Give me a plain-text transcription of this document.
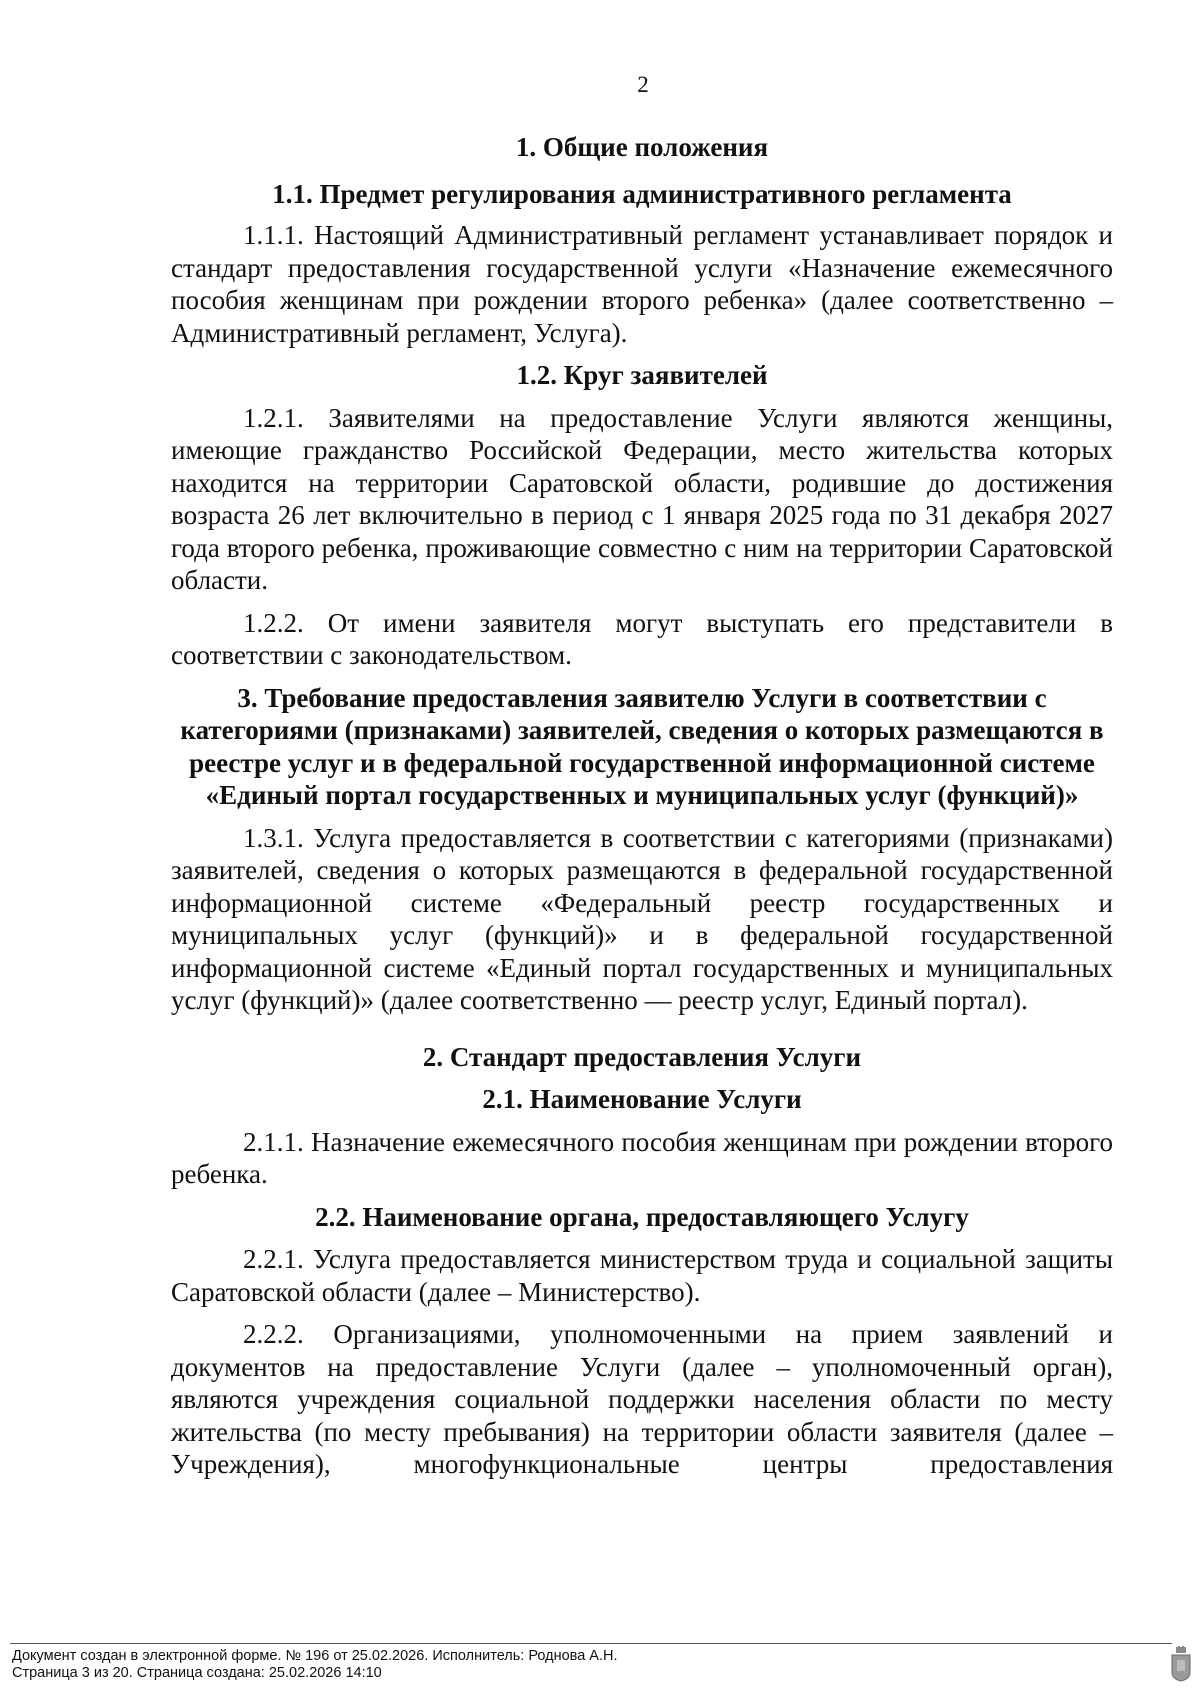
2
1. Общие положения
1.1. Предмет регулирования административного регламента

1.1.1. Настоящий Административный регламент устанавливает порядок и стандарт предоставления государственной услуги «Назначение ежемесячного пособия женщинам при рождении второго ребенка» (далее соответственно – Административный регламент, Услуга).

1.2. Круг заявителей

1.2.1. Заявителями на предоставление Услуги являются женщины, имеющие гражданство Российской Федерации, место жительства которых находится на территории Саратовской области, родившие до достижения возраста 26 лет включительно в период с 1 января 2025 года по 31 декабря 2027 года второго ребенка, проживающие совместно с ним на территории Саратовской области.

1.2.2. От имени заявителя могут выступать его представители в соответствии с законодательством.

3. Требование предоставления заявителю Услуги в соответствии с категориями (признаками) заявителей, сведения о которых размещаются в реестре услуг и в федеральной государственной информационной системе «Единый портал государственных и муниципальных услуг (функций)»

1.3.1. Услуга предоставляется в соответствии с категориями (признаками) заявителей, сведения о которых размещаются в федеральной государственной информационной системе «Федеральный реестр государственных и муниципальных услуг (функций)» и в федеральной государственной информационной системе «Единый портал государственных и муниципальных услуг (функций)» (далее соответственно — реестр услуг, Единый портал).

2. Стандарт предоставления Услуги
2.1. Наименование Услуги

2.1.1. Назначение ежемесячного пособия женщинам при рождении второго ребенка.

2.2. Наименование органа, предоставляющего Услугу

2.2.1. Услуга предоставляется министерством труда и социальной защиты Саратовской области (далее – Министерство).

2.2.2. Организациями, уполномоченными на прием заявлений и документов на предоставление Услуги (далее – уполномоченный орган), являются учреждения социальной поддержки населения области по месту жительства (по месту пребывания) на территории области заявителя (далее – Учреждения), многофункциональные центры предоставления

Документ создан в электронной форме. № 196 от 25.02.2026. Исполнитель: Роднова А.Н.
Страница 3 из 20. Страница создана: 25.02.2026 14:10
